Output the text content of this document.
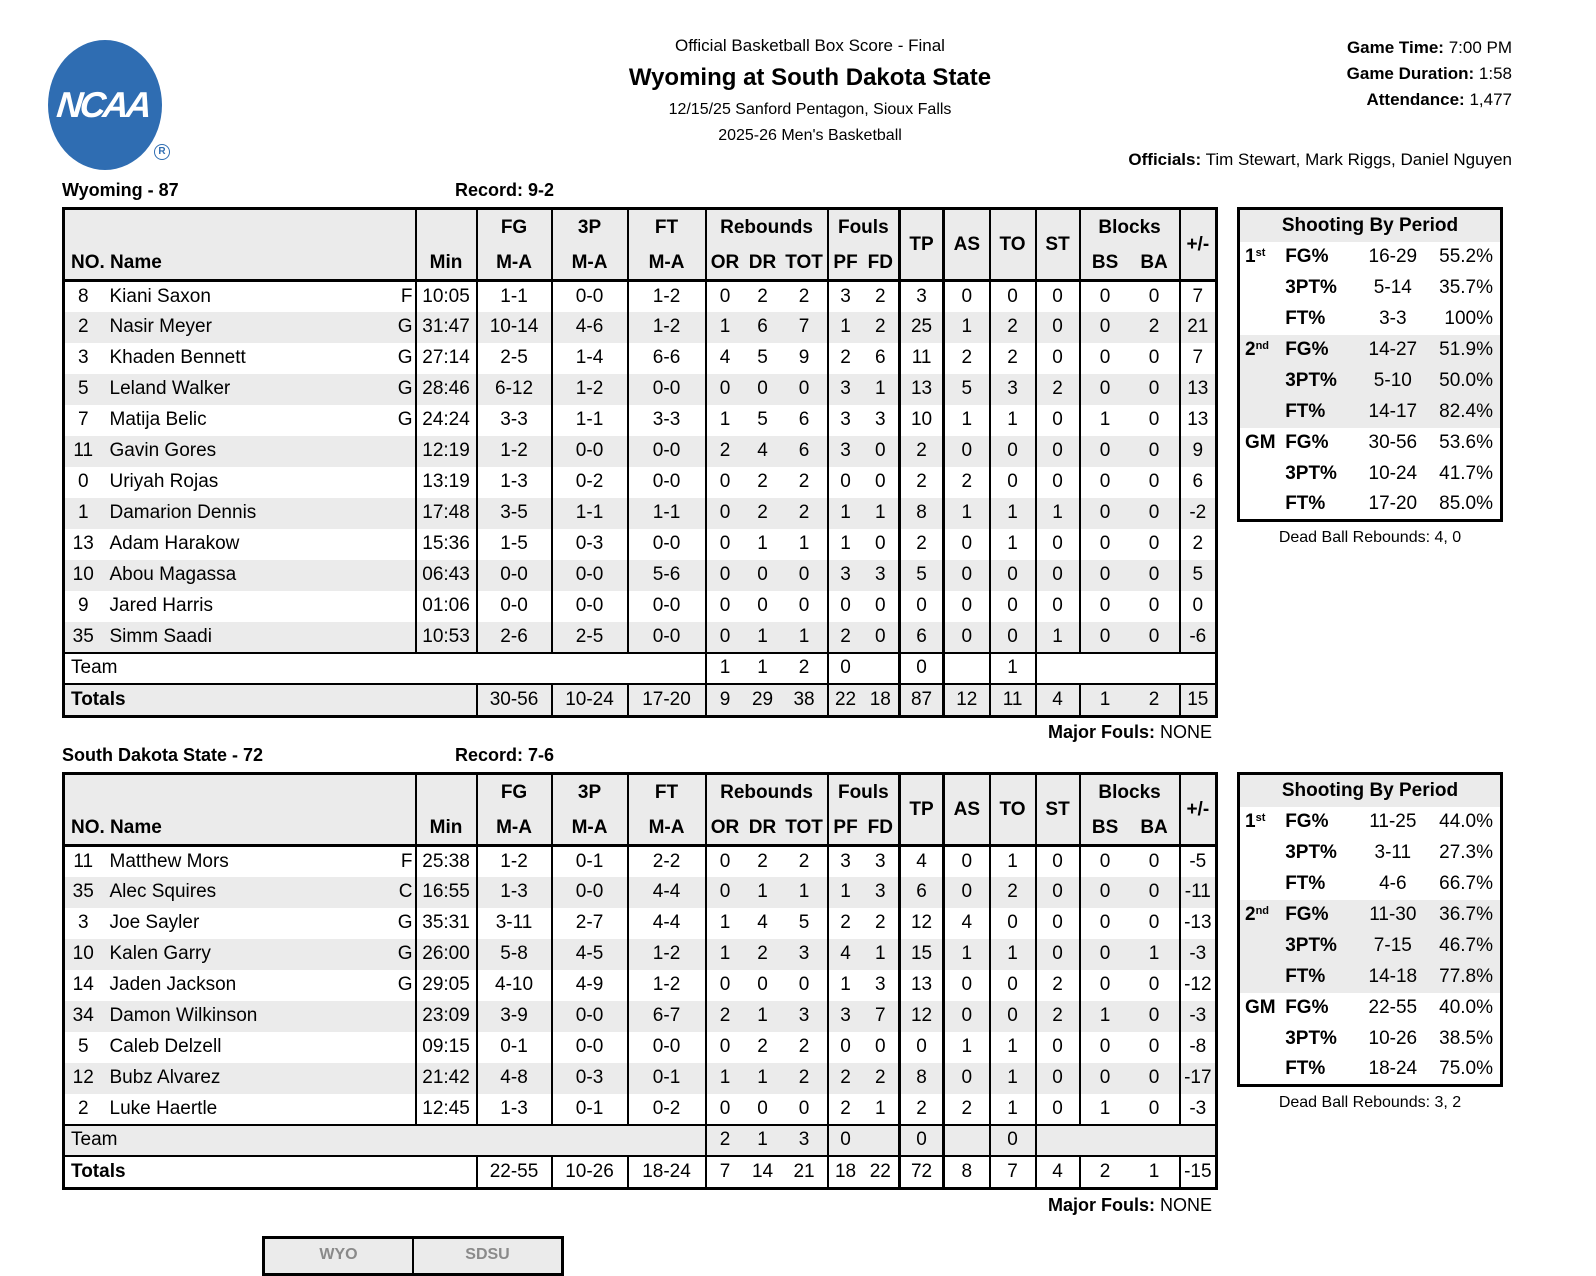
NCAA
R
Official Basketball Box Score - Final
Wyoming at South Dakota State
12/15/25 Sanford Pentagon, Sioux Falls
2025-26 Men's Basketball
Game Time: 7:00 PM
Game Duration: 1:58
Attendance: 1,477
Officials: Tim Stewart, Mark Riggs, Daniel Nguyen
Wyoming - 87	Record: 9-2
NO. Name			Min	FG	3P	FT	Rebounds			Fouls		TP	AS	TO	ST	Blocks		+/-
				M-A	M-A	M-A	OR	DR	TOT	PF	FD					BS	BA	
8	Kiani Saxon	F	10:05	1-1	0-0	1-2	0	2	2	3	2	3	0	0	0	0	0	7
2	Nasir Meyer	G	31:47	10-14	4-6	1-2	1	6	7	1	2	25	1	2	0	0	2	21
3	Khaden Bennett	G	27:14	2-5	1-4	6-6	4	5	9	2	6	11	2	2	0	0	0	7
5	Leland Walker	G	28:46	6-12	1-2	0-0	0	0	0	3	1	13	5	3	2	0	0	13
7	Matija Belic	G	24:24	3-3	1-1	3-3	1	5	6	3	3	10	1	1	0	1	0	13
11	Gavin Gores		12:19	1-2	0-0	0-0	2	4	6	3	0	2	0	0	0	0	0	9
0	Uriyah Rojas		13:19	1-3	0-2	0-0	0	2	2	0	0	2	2	0	0	0	0	6
1	Damarion Dennis		17:48	3-5	1-1	1-1	0	2	2	1	1	8	1	1	1	0	0	-2
13	Adam Harakow		15:36	1-5	0-3	0-0	0	1	1	1	0	2	0	1	0	0	0	2
10	Abou Magassa		06:43	0-0	0-0	5-6	0	0	0	3	3	5	0	0	0	0	0	5
9	Jared Harris		01:06	0-0	0-0	0-0	0	0	0	0	0	0	0	0	0	0	0	0
35	Simm Saadi		10:53	2-6	2-5	0-0	0	1	1	2	0	6	0	0	1	0	0	-6
Team							1	1	2	0		0		1				
Totals				30-56	10-24	17-20	9	29	38	22	18	87	12	11	4	1	2	15
Shooting By Period			
1st	FG%	16-29	55.2%
	3PT%	5-14	35.7%
	FT%	3-3	100%
2nd	FG%	14-27	51.9%
	3PT%	5-10	50.0%
	FT%	14-17	82.4%
GM	FG%	30-56	53.6%
	3PT%	10-24	41.7%
	FT%	17-20	85.0%
Dead Ball Rebounds: 4, 0
Major Fouls: NONE
South Dakota State - 72	Record: 7-6
NO. Name			Min	FG	3P	FT	Rebounds			Fouls		TP	AS	TO	ST	Blocks		+/-
				M-A	M-A	M-A	OR	DR	TOT	PF	FD					BS	BA	
11	Matthew Mors	F	25:38	1-2	0-1	2-2	0	2	2	3	3	4	0	1	0	0	0	-5
35	Alec Squires	C	16:55	1-3	0-0	4-4	0	1	1	1	3	6	0	2	0	0	0	-11
3	Joe Sayler	G	35:31	3-11	2-7	4-4	1	4	5	2	2	12	4	0	0	0	0	-13
10	Kalen Garry	G	26:00	5-8	4-5	1-2	1	2	3	4	1	15	1	1	0	0	1	-3
14	Jaden Jackson	G	29:05	4-10	4-9	1-2	0	0	0	1	3	13	0	0	2	0	0	-12
34	Damon Wilkinson		23:09	3-9	0-0	6-7	2	1	3	3	7	12	0	0	2	1	0	-3
5	Caleb Delzell		09:15	0-1	0-0	0-0	0	2	2	0	0	0	1	1	0	0	0	-8
12	Bubz Alvarez		21:42	4-8	0-3	0-1	1	1	2	2	2	8	0	1	0	0	0	-17
2	Luke Haertle		12:45	1-3	0-1	0-2	0	0	0	2	1	2	2	1	0	1	0	-3
Team							2	1	3	0		0		0				
Totals				22-55	10-26	18-24	7	14	21	18	22	72	8	7	4	2	1	-15
Shooting By Period			
1st	FG%	11-25	44.0%
	3PT%	3-11	27.3%
	FT%	4-6	66.7%
2nd	FG%	11-30	36.7%
	3PT%	7-15	46.7%
	FT%	14-18	77.8%
GM	FG%	22-55	40.0%
	3PT%	10-26	38.5%
	FT%	18-24	75.0%
Dead Ball Rebounds: 3, 2
Major Fouls: NONE
WYO	SDSU
